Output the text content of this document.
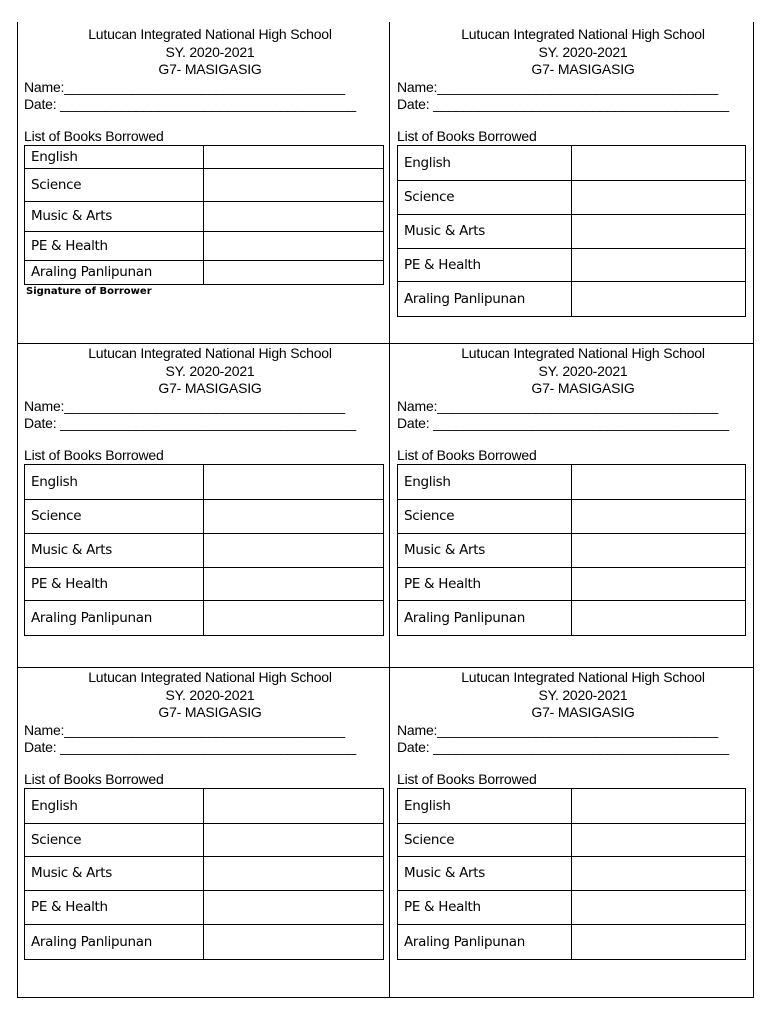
Lutucan Integrated National High School
SY. 2020-2021
G7- MASIGASIG
Name:_____________________________________
Date: _______________________________________
List of Books Borrowed
English	
Science	
Music & Arts	
PE & Health	
Araling Panlipunan	
Signature of Borrower
Lutucan Integrated National High School
SY. 2020-2021
G7- MASIGASIG
Name:_____________________________________
Date: _______________________________________
List of Books Borrowed
English	
Science	
Music & Arts	
PE & Health	
Araling Panlipunan	
Lutucan Integrated National High School
SY. 2020-2021
G7- MASIGASIG
Name:_____________________________________
Date: _______________________________________
List of Books Borrowed
English	
Science	
Music & Arts	
PE & Health	
Araling Panlipunan	
Lutucan Integrated National High School
SY. 2020-2021
G7- MASIGASIG
Name:_____________________________________
Date: _______________________________________
List of Books Borrowed
English	
Science	
Music & Arts	
PE & Health	
Araling Panlipunan	
Lutucan Integrated National High School
SY. 2020-2021
G7- MASIGASIG
Name:_____________________________________
Date: _______________________________________
List of Books Borrowed
English	
Science	
Music & Arts	
PE & Health	
Araling Panlipunan	
Lutucan Integrated National High School
SY. 2020-2021
G7- MASIGASIG
Name:_____________________________________
Date: _______________________________________
List of Books Borrowed
English	
Science	
Music & Arts	
PE & Health	
Araling Panlipunan	
